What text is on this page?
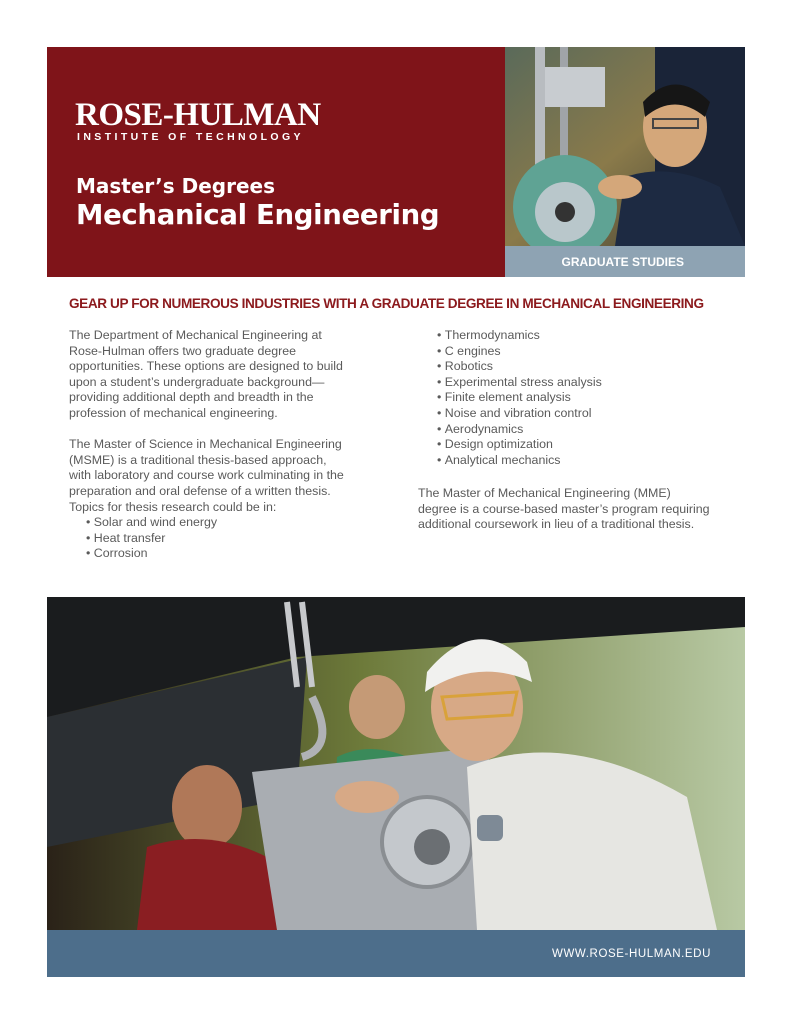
ROSE-HULMAN
INSTITUTE OF TECHNOLOGY
Master’s Degrees
Mechanical Engineering
GRADUATE STUDIES
GEAR UP FOR NUMEROUS INDUSTRIES WITH A GRADUATE DEGREE IN MECHANICAL ENGINEERING

The Department of Mechanical Engineering at
Rose-Hulman offers two graduate degree
opportunities. These options are designed to build
upon a student’s undergraduate background—
providing additional depth and breadth in the
profession of mechanical engineering.

The Master of Science in Mechanical Engineering
(MSME) is a traditional thesis-based approach,
with laboratory and course work culminating in the
preparation and oral defense of a written thesis.
Topics for thesis research could be in:

• Solar and wind energy
• Heat transfer
• Corrosion
• Thermodynamics
• C engines
• Robotics
• Experimental stress analysis
• Finite element analysis
• Noise and vibration control
• Aerodynamics
• Design optimization
• Analytical mechanics

The Master of Mechanical Engineering (MME)
degree is a course-based master’s program requiring
additional coursework in lieu of a traditional thesis.

WWW.ROSE-HULMAN.EDU
